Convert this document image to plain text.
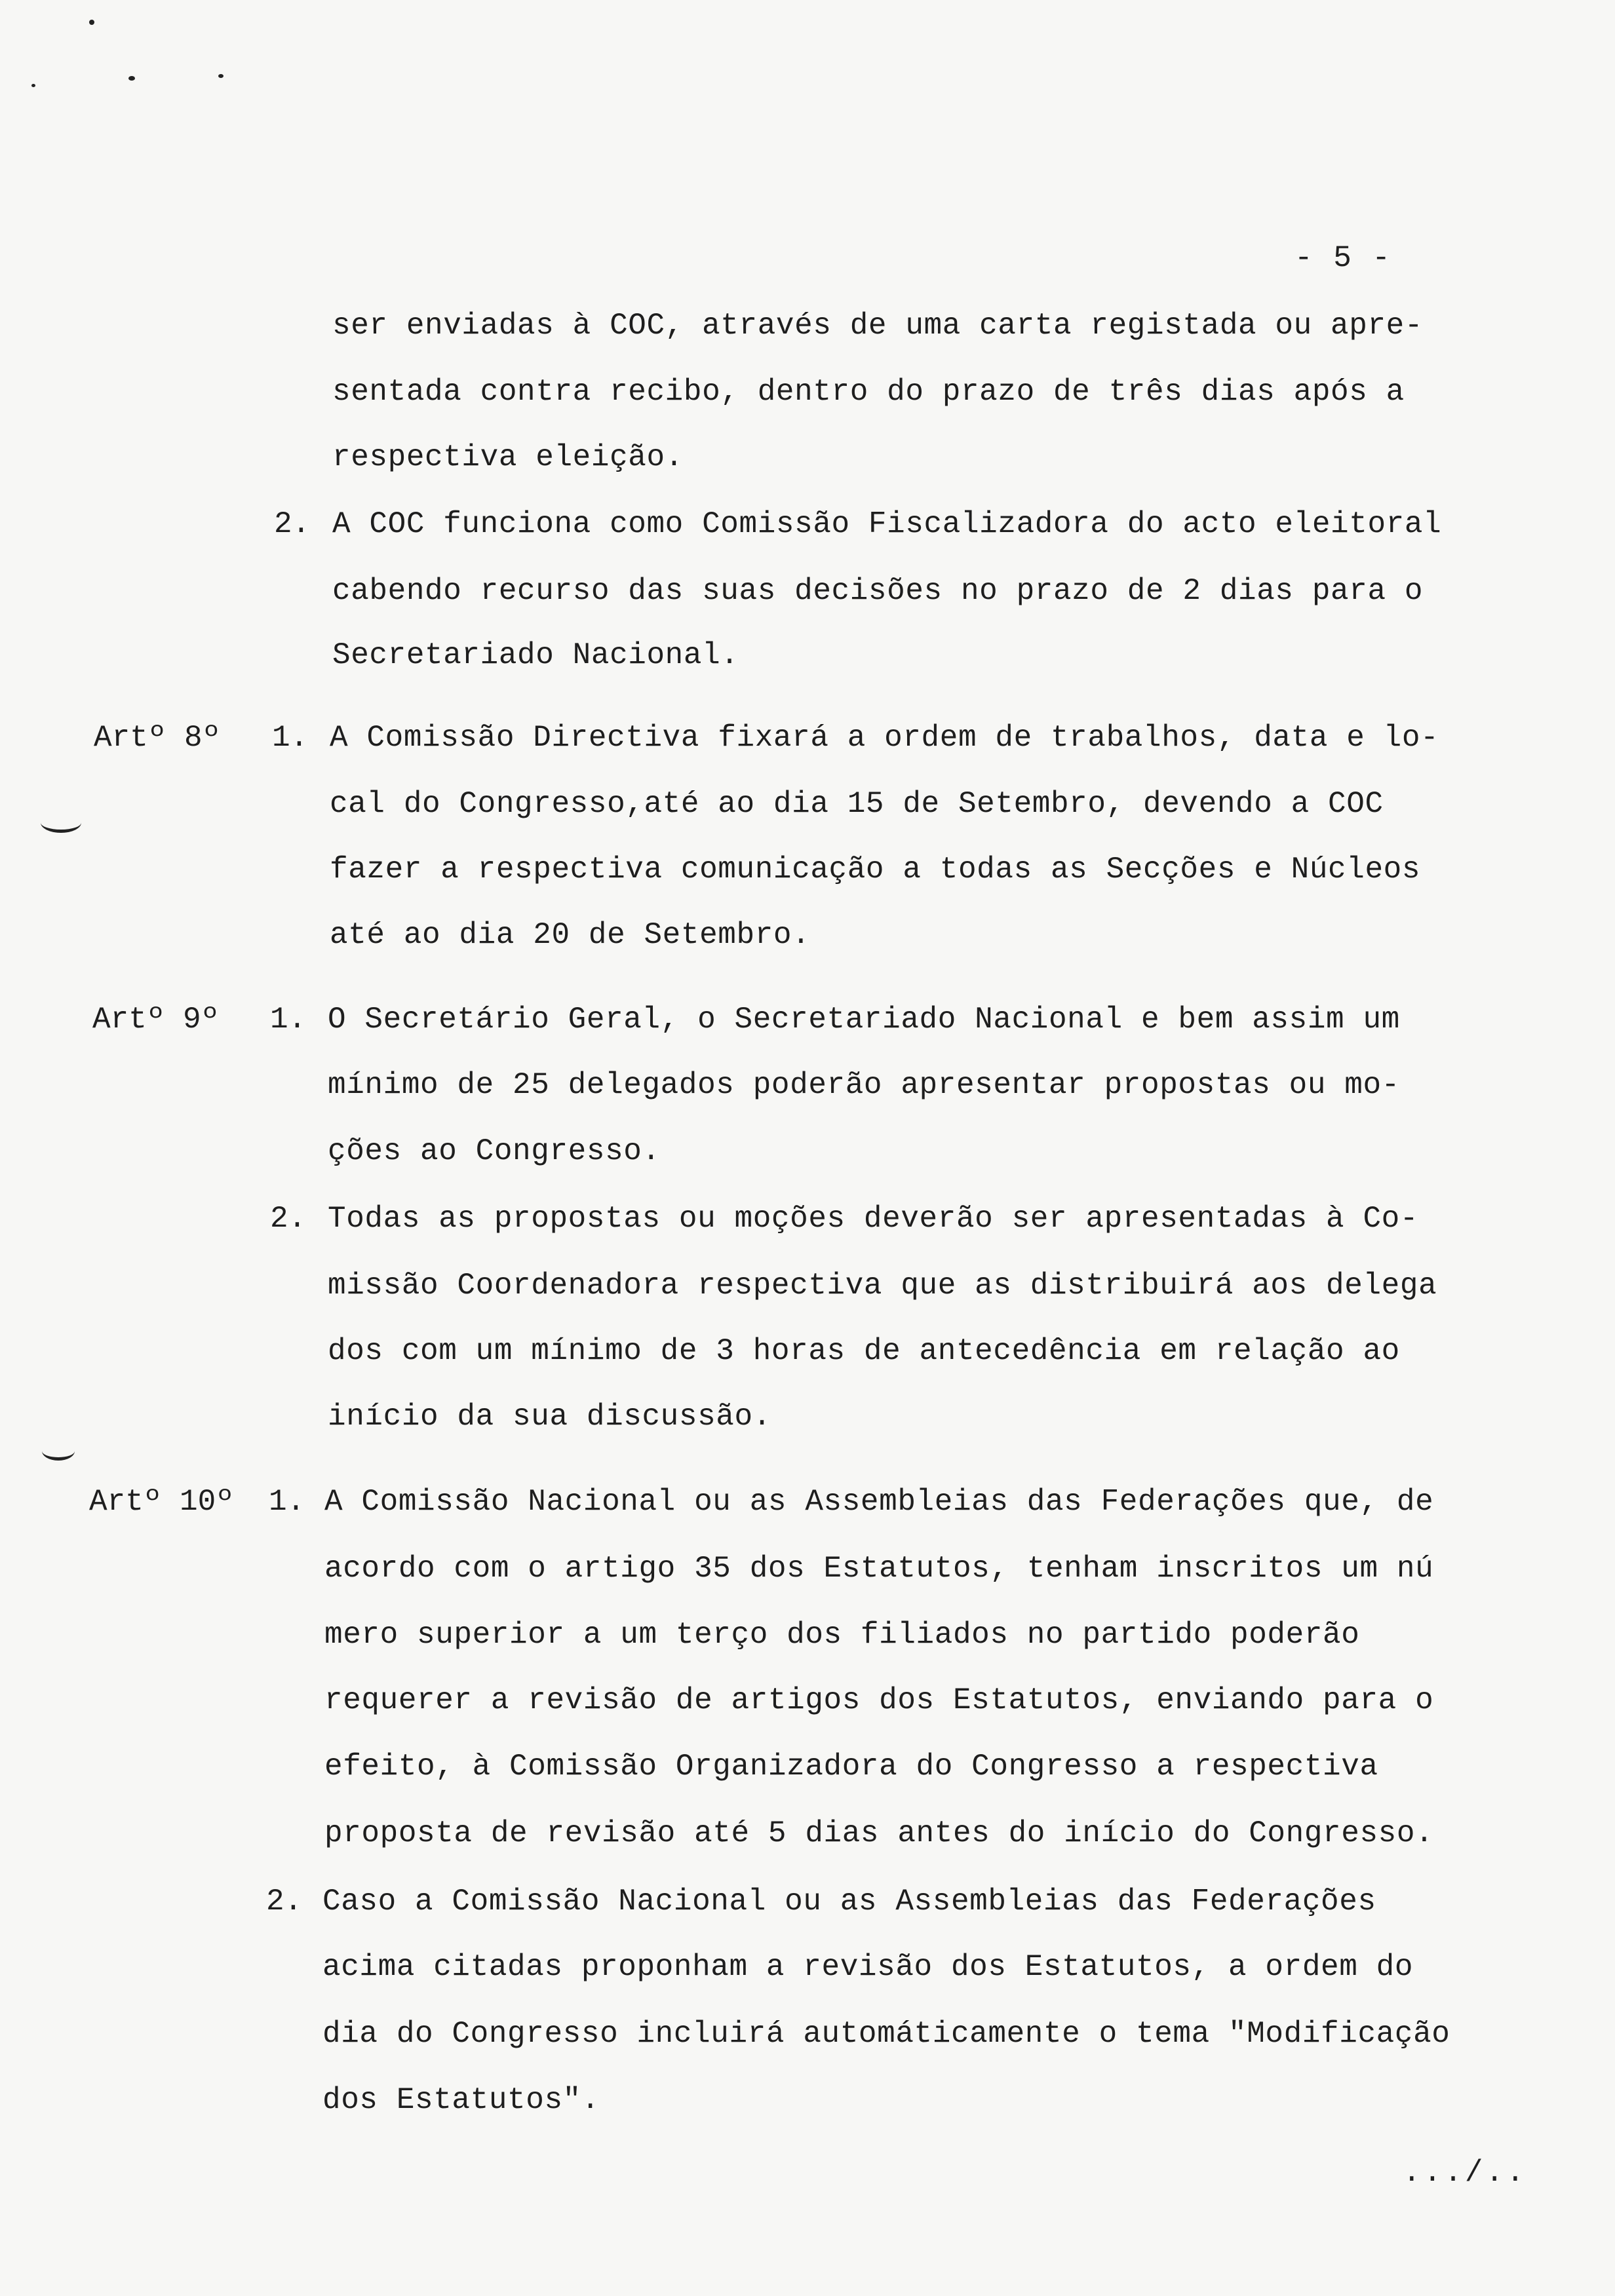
- 5 -
ser enviadas à COC, através de uma carta registada ou apre-
sentada contra recibo, dentro do prazo de três dias após a
respectiva eleição.
2. A COC funciona como Comissão Fiscalizadora do acto eleitoral
cabendo recurso das suas decisões no prazo de 2 dias para o
Secretariado Nacional.
Artº 8º 1. A Comissão Directiva fixará a ordem de trabalhos, data e lo-
cal do Congresso,até ao dia 15 de Setembro, devendo a COC
fazer a respectiva comunicação a todas as Secções e Núcleos
até ao dia 20 de Setembro.
Artº 9º 1. O Secretário Geral, o Secretariado Nacional e bem assim um
mínimo de 25 delegados poderão apresentar propostas ou mo-
ções ao Congresso.
2. Todas as propostas ou moções deverão ser apresentadas à Co-
missão Coordenadora respectiva que as distribuirá aos delega
dos com um mínimo de 3 horas de antecedência em relação ao
início da sua discussão.
Artº 10º 1. A Comissão Nacional ou as Assembleias das Federações que, de
acordo com o artigo 35 dos Estatutos, tenham inscritos um nú
mero superior a um terço dos filiados no partido poderão
requerer a revisão de artigos dos Estatutos, enviando para o
efeito, à Comissão Organizadora do Congresso a respectiva
proposta de revisão até 5 dias antes do início do Congresso.
2. Caso a Comissão Nacional ou as Assembleias das Federações
acima citadas proponham a revisão dos Estatutos, a ordem do
dia do Congresso incluirá automáticamente o tema "Modificação
dos Estatutos".
.../..
